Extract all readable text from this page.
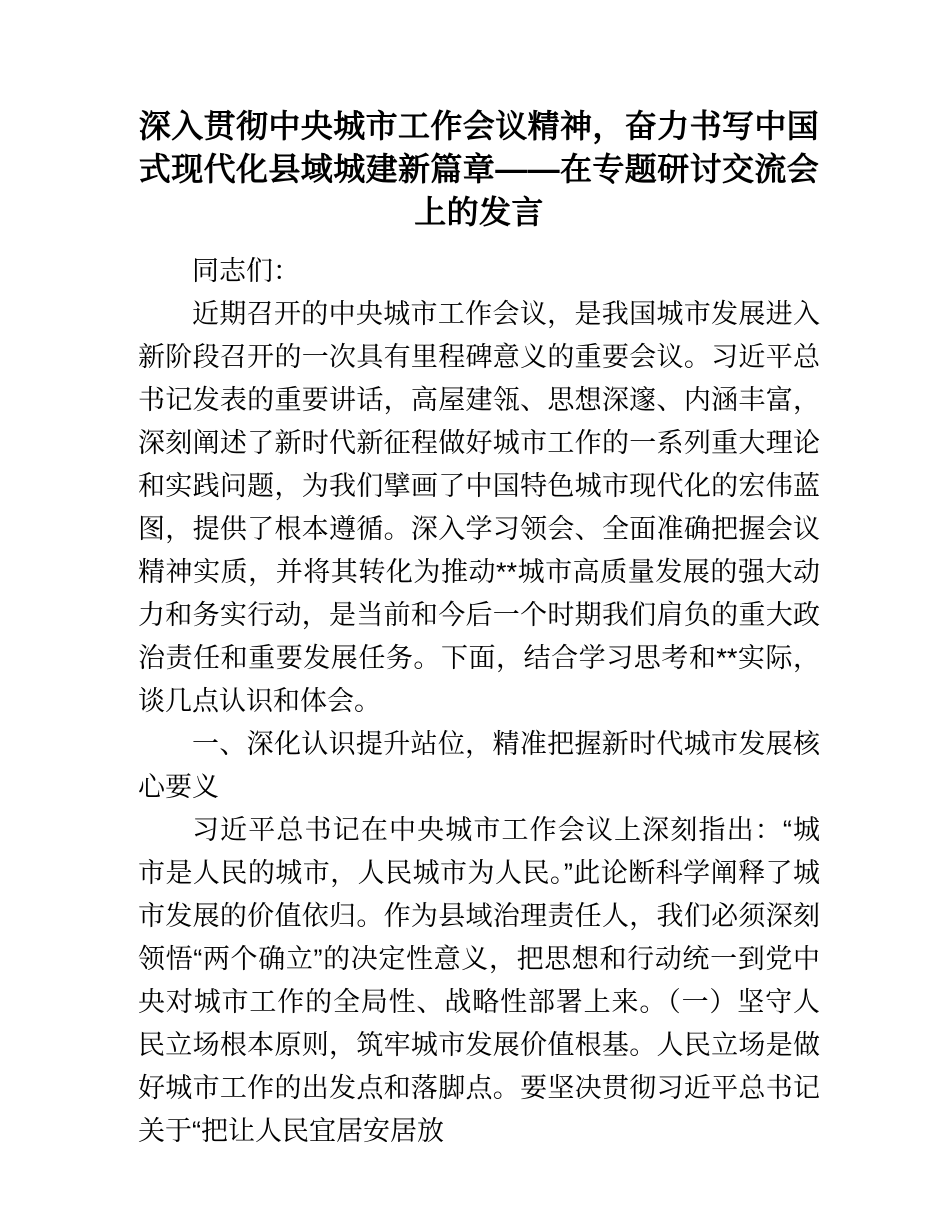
深入贯彻中央城市工作会议精神，奋力书写中国式现代化县域城建新篇章——在专题研讨交流会上的发言

同志们：

近期召开的中央城市工作会议，是我国城市发展进入新阶段召开的一次具有里程碑意义的重要会议。习近平总书记发表的重要讲话，高屋建瓴、思想深邃、内涵丰富，深刻阐述了新时代新征程做好城市工作的一系列重大理论和实践问题，为我们擘画了中国特色城市现代化的宏伟蓝图，提供了根本遵循。深入学习领会、全面准确把握会议精神实质，并将其转化为推动**城市高质量发展的强大动力和务实行动，是当前和今后一个时期我们肩负的重大政治责任和重要发展任务。下面，结合学习思考和**实际，谈几点认识和体会。

一、深化认识提升站位，精准把握新时代城市发展核心要义

习近平总书记在中央城市工作会议上深刻指出：“城市是人民的城市，人民城市为人民。”此论断科学阐释了城市发展的价值依归。作为县域治理责任人，我们必须深刻领悟“两个确立”的决定性意义，把思想和行动统一到党中央对城市工作的全局性、战略性部署上来。（一）坚守人民立场根本原则，筑牢城市发展价值根基。人民立场是做好城市工作的出发点和落脚点。要坚决贯彻习近平总书记关于“把让人民宜居安居放
